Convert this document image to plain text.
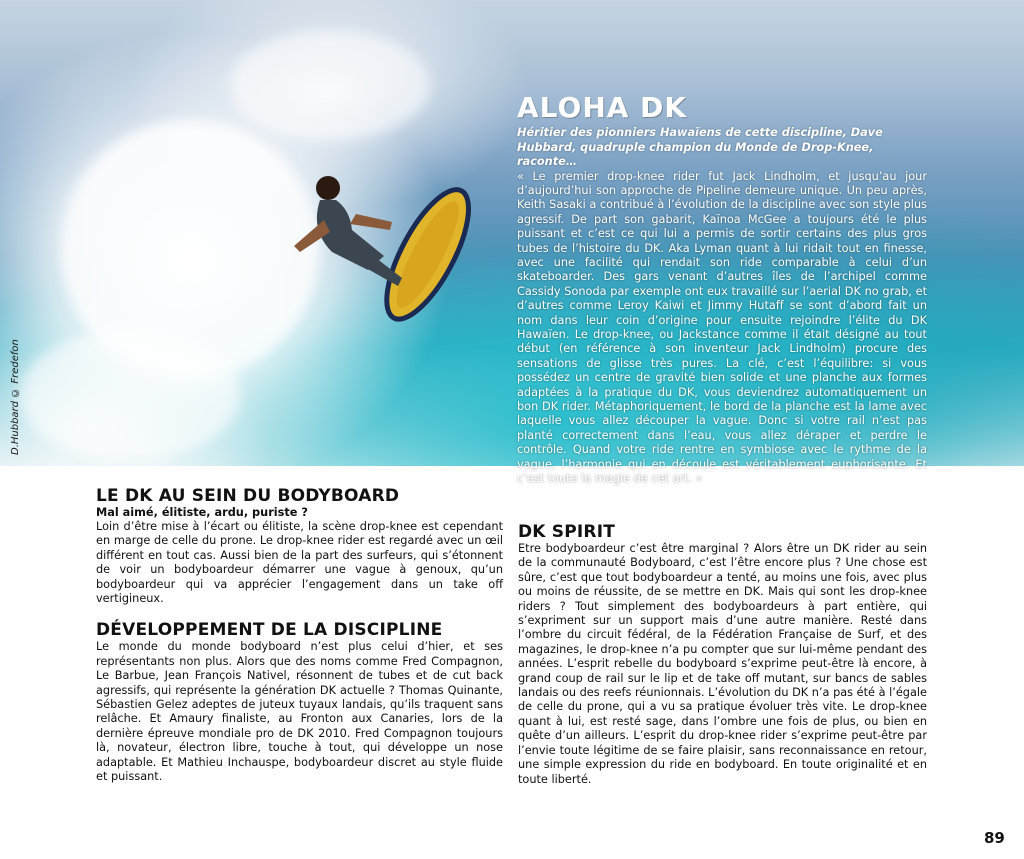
D.Hubbard © Fredefon
ALOHA DK

Héritier des pionniers Hawaïens de cette discipline, Dave Hubbard, quadruple champion du Monde de Drop-Knee, raconte…

« Le premier drop-knee rider fut Jack Lindholm, et jusqu’au jour d’aujourd’hui son approche de Pipeline demeure unique. Un peu après, Keith Sasaki a contribué à l’évolution de la discipline avec son style plus agressif. De part son gabarit, Kaïnoa McGee a toujours été le plus puissant et c’est ce qui lui a permis de sortir certains des plus gros tubes de l’histoire du DK. Aka Lyman quant à lui ridait tout en finesse, avec une facilité qui rendait son ride comparable à celui d’un skateboarder. Des gars venant d’autres îles de l’archipel comme Cassidy Sonoda par exemple ont eux travaillé sur l’aerial DK no grab, et d’autres comme Leroy Kaiwi et Jimmy Hutaff se sont d’abord fait un nom dans leur coin d’origine pour ensuite rejoindre l’élite du DK Hawaïen. Le drop-knee, ou Jackstance comme il était désigné au tout début (en référence à son inventeur Jack Lindholm) procure des sensations de glisse très pures. La clé, c’est l’équilibre: si vous possédez un centre de gravité bien solide et une planche aux formes adaptées à la pratique du DK, vous deviendrez automatiquement un bon DK rider. Métaphoriquement, le bord de la planche est la lame avec laquelle vous allez découper la vague. Donc si votre rail n’est pas planté correctement dans l’eau, vous allez déraper et perdre le contrôle. Quand votre ride rentre en symbiose avec le rythme de la vague, l’harmonie qui en découle est véritablement euphorisante. Et c’est toute la magie de cet art. »

LE DK AU SEIN DU BODYBOARD

Mal aimé, élitiste, ardu, puriste ?

Loin d’être mise à l’écart ou élitiste, la scène drop-knee est cependant en marge de celle du prone. Le drop-knee rider est regardé avec un œil différent en tout cas. Aussi bien de la part des surfeurs, qui s’étonnent de voir un bodyboardeur démarrer une vague à genoux, qu’un bodyboardeur qui va apprécier l’engagement dans un take off vertigineux.

DÉVELOPPEMENT DE LA DISCIPLINE

Le monde du monde bodyboard n’est plus celui d’hier, et ses représentants non plus. Alors que des noms comme Fred Compagnon, Le Barbue, Jean François Nativel, résonnent de tubes et de cut back agressifs, qui représente la génération DK actuelle ? Thomas Quinante, Sébastien Gelez adeptes de juteux tuyaux landais, qu’ils traquent sans relâche. Et Amaury finaliste, au Fronton aux Canaries, lors de la dernière épreuve mondiale pro de DK 2010. Fred Compagnon toujours là, novateur, électron libre, touche à tout, qui développe un nose adaptable. Et Mathieu Inchauspe, bodyboardeur discret au style fluide et puissant.

DK SPIRIT

Etre bodyboardeur c’est être marginal ? Alors être un DK rider au sein de la communauté Bodyboard, c’est l’être encore plus ? Une chose est sûre, c’est que tout bodyboardeur a tenté, au moins une fois, avec plus ou moins de réussite, de se mettre en DK. Mais qui sont les drop-knee riders ? Tout simplement des bodyboardeurs à part entière, qui s’expriment sur un support mais d’une autre manière. Resté dans l’ombre du circuit fédéral, de la Fédération Française de Surf, et des magazines, le drop-knee n’a pu compter que sur lui-même pendant des années. L’esprit rebelle du bodyboard s’exprime peut-être là encore, à grand coup de rail sur le lip et de take off mutant, sur bancs de sables landais ou des reefs réunionnais. L’évolution du DK n’a pas été à l’égale de celle du prone, qui a vu sa pratique évoluer très vite. Le drop-knee quant à lui, est resté sage, dans l’ombre une fois de plus, ou bien en quête d’un ailleurs. L’esprit du drop-knee rider s’exprime peut-être par l’envie toute légitime de se faire plaisir, sans reconnaissance en retour, une simple expression du ride en bodyboard. En toute originalité et en toute liberté.

89
